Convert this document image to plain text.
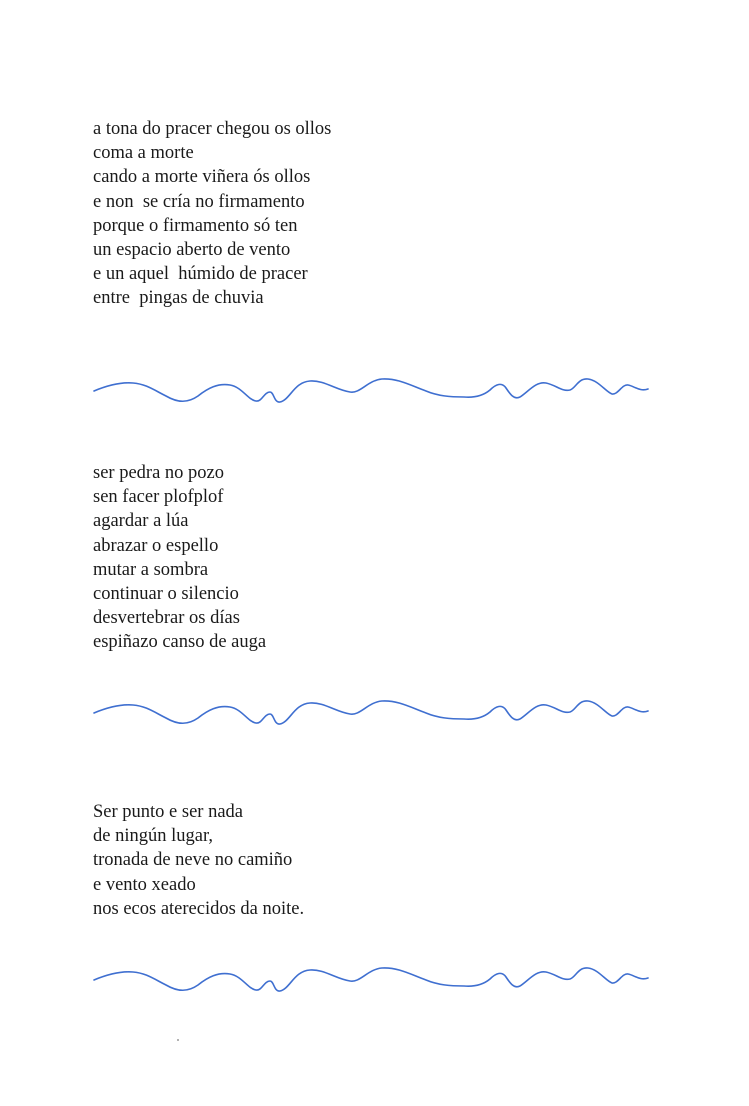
a tona do pracer chegou os ollos
coma a morte
cando a morte viñera ós ollos
e non  se cría no firmamento
porque o firmamento só ten
un espacio aberto de vento
e un aquel  húmido de pracer
entre  pingas de chuvia
ser pedra no pozo
sen facer plofplof
agardar a lúa
abrazar o espello
mutar a sombra
continuar o silencio
desvertebrar os días
espiñazo canso de auga
Ser punto e ser nada
de ningún lugar,
tronada de neve no camiño
e vento xeado
nos ecos aterecidos da noite.
